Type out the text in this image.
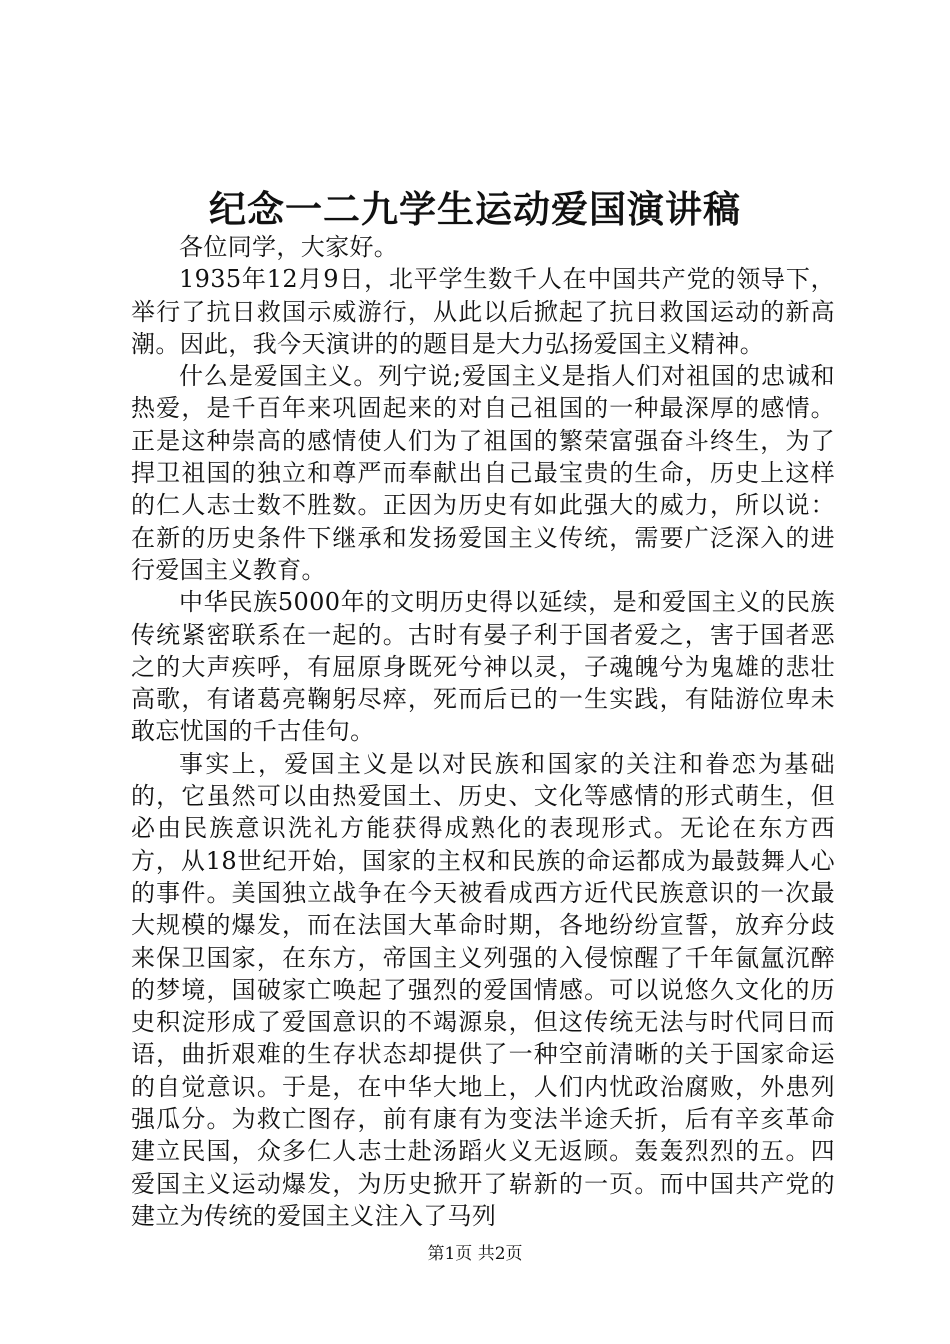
纪念一二九学生运动爱国演讲稿

各位同学，大家好。

1935年12月9日，北平学生数千人在中国共产党的领导下，举行了抗日救国示威游行，从此以后掀起了抗日救国运动的新高潮。因此，我今天演讲的的题目是大力弘扬爱国主义精神。

什么是爱国主义。列宁说;爱国主义是指人们对祖国的忠诚和热爱，是千百年来巩固起来的对自己祖国的一种最深厚的感情。正是这种崇高的感情使人们为了祖国的繁荣富强奋斗终生，为了捍卫祖国的独立和尊严而奉献出自己最宝贵的生命，历史上这样的仁人志士数不胜数。正因为历史有如此强大的威力，所以说：在新的历史条件下继承和发扬爱国主义传统，需要广泛深入的进行爱国主义教育。

中华民族5000年的文明历史得以延续，是和爱国主义的民族传统紧密联系在一起的。古时有晏子利于国者爱之，害于国者恶之的大声疾呼，有屈原身既死兮神以灵，子魂魄兮为鬼雄的悲壮高歌，有诸葛亮鞠躬尽瘁，死而后已的一生实践，有陆游位卑未敢忘忧国的千古佳句。

事实上，爱国主义是以对民族和国家的关注和眷恋为基础的，它虽然可以由热爱国土、历史、文化等感情的形式萌生，但必由民族意识洗礼方能获得成熟化的表现形式。无论在东方西方，从18世纪开始，国家的主权和民族的命运都成为最鼓舞人心的事件。美国独立战争在今天被看成西方近代民族意识的一次最大规模的爆发，而在法国大革命时期，各地纷纷宣誓，放弃分歧来保卫国家，在东方，帝国主义列强的入侵惊醒了千年氤氲沉醉的梦境，国破家亡唤起了强烈的爱国情感。可以说悠久文化的历史积淀形成了爱国意识的不竭源泉，但这传统无法与时代同日而语，曲折艰难的生存状态却提供了一种空前清晰的关于国家命运的自觉意识。于是，在中华大地上，人们内忧政治腐败，外患列强瓜分。为救亡图存，前有康有为变法半途夭折，后有辛亥革命建立民国，众多仁人志士赴汤蹈火义无返顾。轰轰烈烈的五。四爱国主义运动爆发，为历史掀开了崭新的一页。而中国共产党的建立为传统的爱国主义注入了马列

第1页 共2页
